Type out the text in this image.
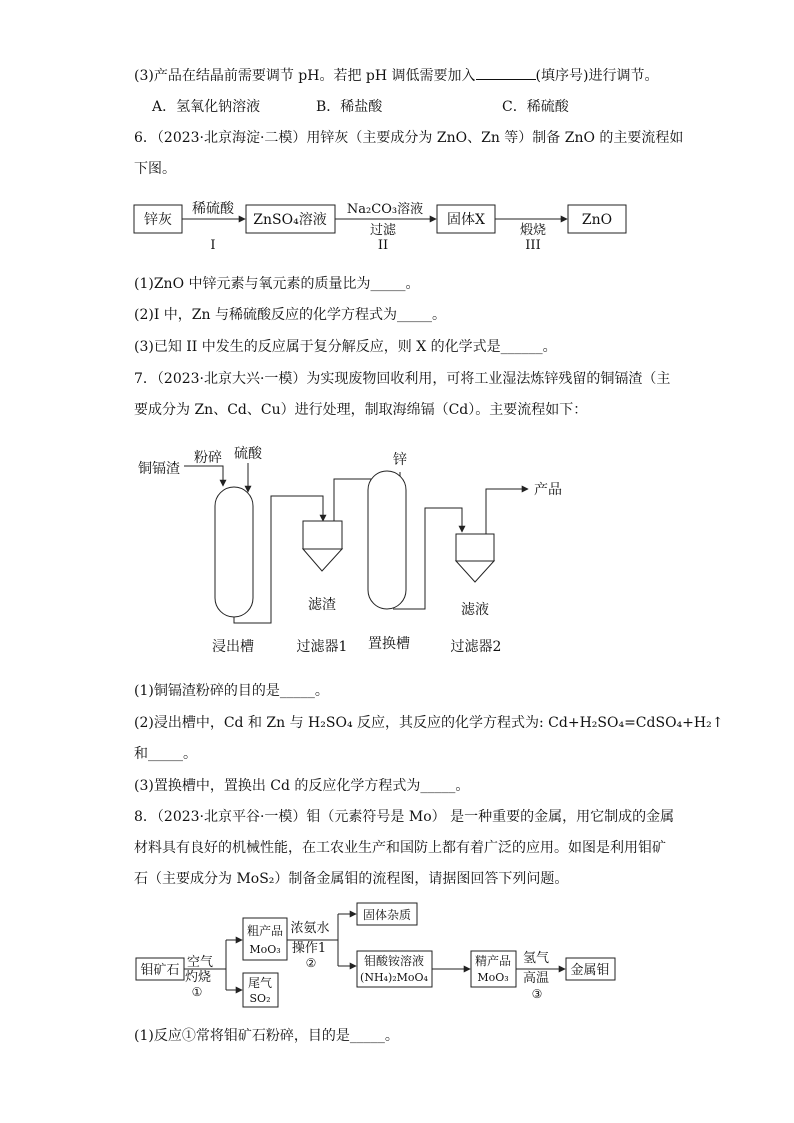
(3)产品在结晶前需要调节 pH。若把 pH 调低需要加入	(填序号)进行调节。
A．氢氧化钠溶液	B．稀盐酸	C．稀硫酸
6．（2023·北京海淀·二模）用锌灰（主要成分为 ZnO、Zn 等）制备 ZnO 的主要流程如
下图。
锌灰
稀硫酸
I
ZnSO₄溶液
Na₂CO₃溶液
过滤
II
固体X
煅烧
III
ZnO
铜镉渣
粉碎 硫酸
滤渣
锌
滤液
产品
浸出槽	过滤器1 置换槽	过滤器2
钼矿石
空气
灼烧
①
粗产品
MoO₃
尾气
SO₂
浓氨水
操作1
②
固体杂质
钼酸铵溶液
(NH₄)₂MoO₄
精产品
MoO₃
氢气
高温
③
金属钼
(1)ZnO 中锌元素与氧元素的质量比为_____。
(2)I 中，Zn 与稀硫酸反应的化学方程式为_____。
(3)已知 II 中发生的反应属于复分解反应，则 X 的化学式是______。
7．（2023·北京大兴·一模）为实现废物回收利用，可将工业湿法炼锌残留的铜镉渣（主
要成分为 Zn、Cd、Cu）进行处理，制取海绵镉（Cd）。主要流程如下：
(1)铜镉渣粉碎的目的是_____。
(2)浸出槽中，Cd 和 Zn 与 H₂SO₄ 反应，其反应的化学方程式为: Cd+H₂SO₄=CdSO₄+H₂↑
和_____。
(3)置换槽中，置换出 Cd 的反应化学方程式为_____。
8．（2023·北京平谷·一模）钼（元素符号是 Mo） 是一种重要的金属，用它制成的金属
材料具有良好的机械性能，在工农业生产和国防上都有着广泛的应用。如图是利用钼矿
石（主要成分为 MoS₂）制备金属钼的流程图，请据图回答下列问题。
(1)反应①常将钼矿石粉碎，目的是_____。
